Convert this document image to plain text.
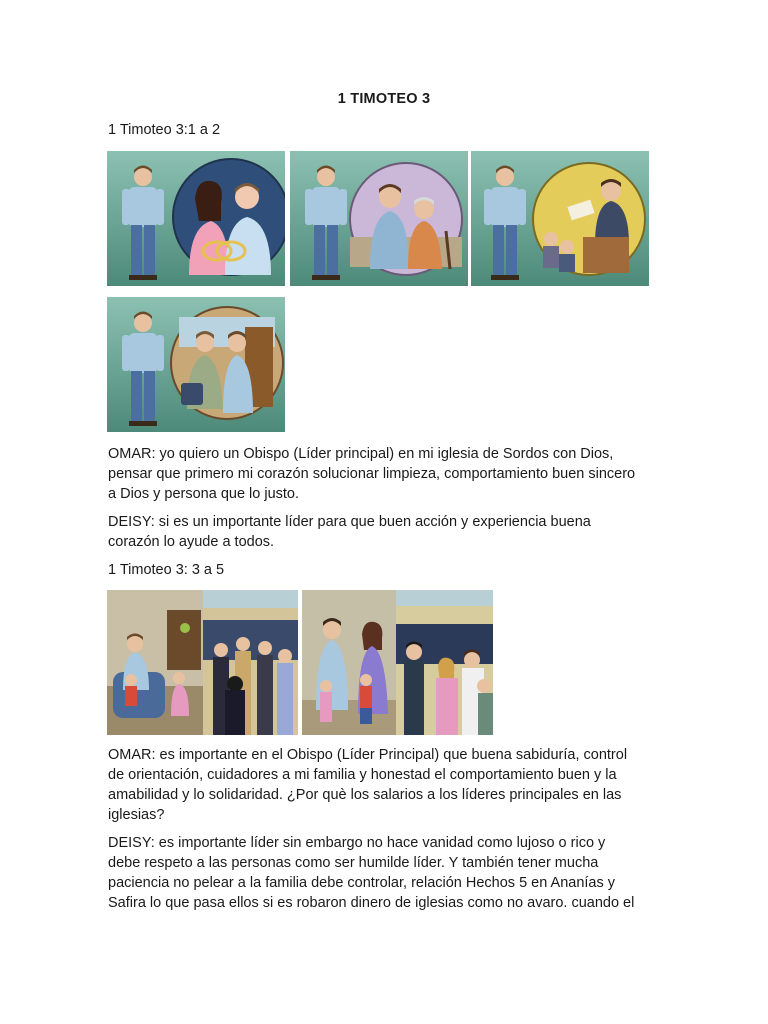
1 TIMOTEO 3
1 Timoteo 3:1 a 2
OMAR: yo quiero un Obispo (Líder principal) en mi iglesia de Sordos con Dios,
pensar que primero mi corazón solucionar limpieza, comportamiento buen sincero
a Dios y persona que lo justo.
DEISY: si es un importante líder para que buen acción y experiencia buena
corazón lo ayude a todos.
1 Timoteo 3: 3 a 5
OMAR: es importante en el Obispo (Líder Principal) que buena sabiduría, control
de orientación, cuidadores a mi familia y honestad el comportamiento buen y la
amabilidad y lo solidaridad. ¿Por què los salarios a los líderes principales en las
iglesias?
DEISY: es importante líder sin embargo no hace vanidad como lujoso o rico y
debe respeto a las personas como ser humilde líder. Y también tener mucha
paciencia no pelear a la familia debe controlar, relación Hechos 5 en Ananías y
Safira lo que pasa ellos si es robaron dinero de iglesias como no avaro. cuando el
